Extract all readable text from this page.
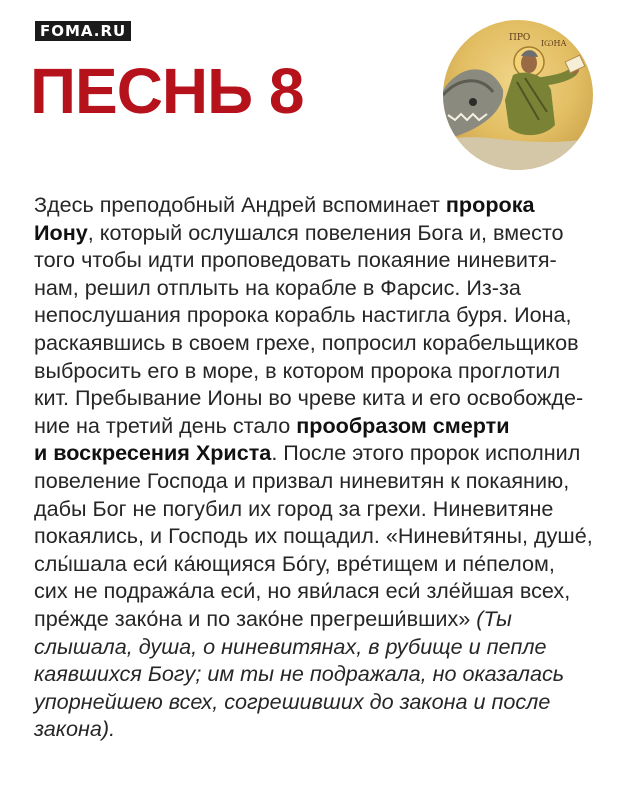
FOMA.RU
ПЕСНЬ 8
ПРО
ІѠНА

Здесь преподобный Андрей вспоминает пророка
Иону, который ослушался повеления Бога и, вместо
того чтобы идти проповедовать покаяние ниневитя-
нам, решил отплыть на корабле в Фарсис. Из-за
непослушания пророка корабль настигла буря. Иона,
раскаявшись в своем грехе, попросил корабельщиков
выбросить его в море, в котором пророка проглотил
кит. Пребывание Ионы во чреве кита и его освобожде-
ние на третий день стало прообразом смерти
и воскресения Христа. После этого пророк исполнил
повеление Господа и призвал ниневитян к покаянию,
дабы Бог не погубил их город за грехи. Ниневитяне
покаялись, и Господь их пощадил. «Ниневи́тяны, душе́,
слы́шала еси́ ка́ющияся Бо́гу, вре́тищем и пе́пелом,
сих не подража́ла еси́, но яви́лася еси́ зле́йшая всех,
пре́жде зако́на и по зако́не прегреши́вших» (Ты
слышала, душа, о ниневитянах, в рубище и пепле
каявшихся Богу; им ты не подражала, но оказалась
упорнейшею всех, согрешивших до закона и после
закона).
